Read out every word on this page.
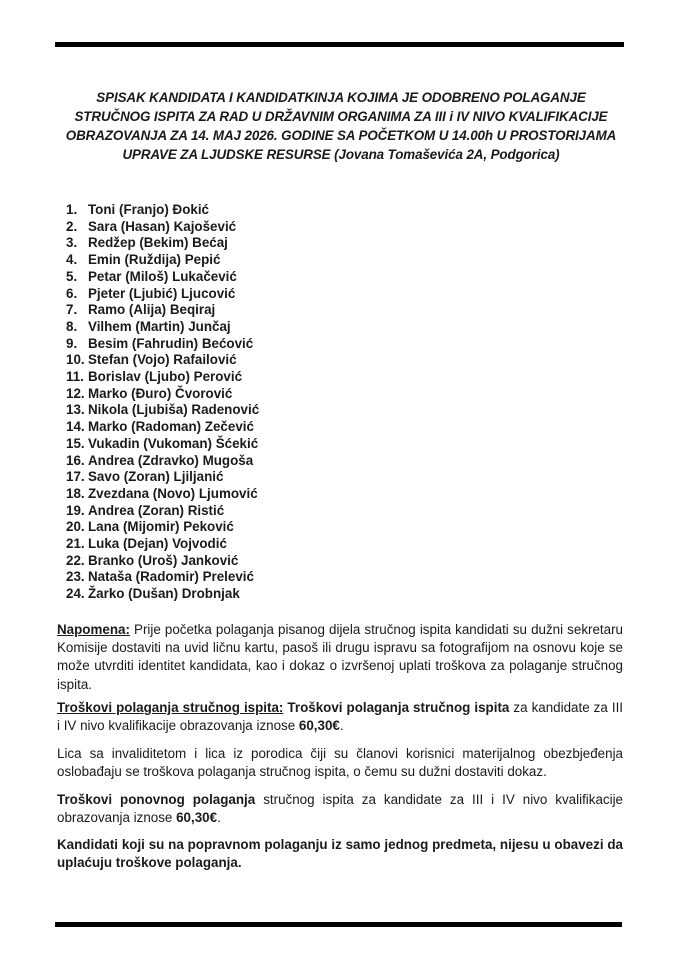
SPISAK KANDIDATA I KANDIDATKINJA KOJIMA JE ODOBRENO POLAGANJE STRUČNOG ISPITA ZA RAD U DRŽAVNIM ORGANIMA ZA III i IV NIVO KVALIFIKACIJE OBRAZOVANJA ZA 14. MAJ 2026. GODINE SA POČETKOM U 14.00h U PROSTORIJAMA UPRAVE ZA LJUDSKE RESURSE (Jovana Tomaševića 2A, Podgorica)
1. Toni (Franjo) Đokić
2. Sara (Hasan) Kajošević
3. Redžep (Bekim) Bećaj
4. Emin (Ruždija) Pepić
5. Petar (Miloš) Lukačević
6. Pjeter (Ljubić) Ljucović
7. Ramo (Alija) Beqiraj
8. Vilhem (Martin) Junčaj
9. Besim (Fahrudin) Bećović
10. Stefan (Vojo) Rafailović
11. Borislav (Ljubo) Perović
12. Marko (Đuro) Čvorović
13. Nikola (Ljubiša) Radenović
14. Marko (Radoman) Zečević
15. Vukadin (Vukoman) Šćekić
16. Andrea (Zdravko) Mugoša
17. Savo (Zoran) Ljiljanić
18. Zvezdana (Novo) Ljumović
19. Andrea (Zoran) Ristić
20. Lana (Mijomir) Peković
21. Luka (Dejan) Vojvodić
22. Branko (Uroš) Janković
23. Nataša (Radomir) Prelević
24. Žarko (Dušan) Drobnjak

Napomena: Prije početka polaganja pisanog dijela stručnog ispita kandidati su dužni sekretaru Komisije dostaviti na uvid ličnu kartu, pasoš ili drugu ispravu sa fotografijom na osnovu koje se može utvrditi identitet kandidata, kao i dokaz o izvršenoj uplati troškova za polaganje stručnog ispita.

Troškovi polaganja stručnog ispita: Troškovi polaganja stručnog ispita za kandidate za III i IV nivo kvalifikacije obrazovanja iznose 60,30€.

Lica sa invaliditetom i lica iz porodica čiji su članovi korisnici materijalnog obezbjeđenja oslobađaju se troškova polaganja stručnog ispita, o čemu su dužni dostaviti dokaz.

Troškovi ponovnog polaganja stručnog ispita za kandidate za III i IV nivo kvalifikacije obrazovanja iznose 60,30€.

Kandidati koji su na popravnom polaganju iz samo jednog predmeta, nijesu u obavezi da uplaćuju troškove polaganja.
